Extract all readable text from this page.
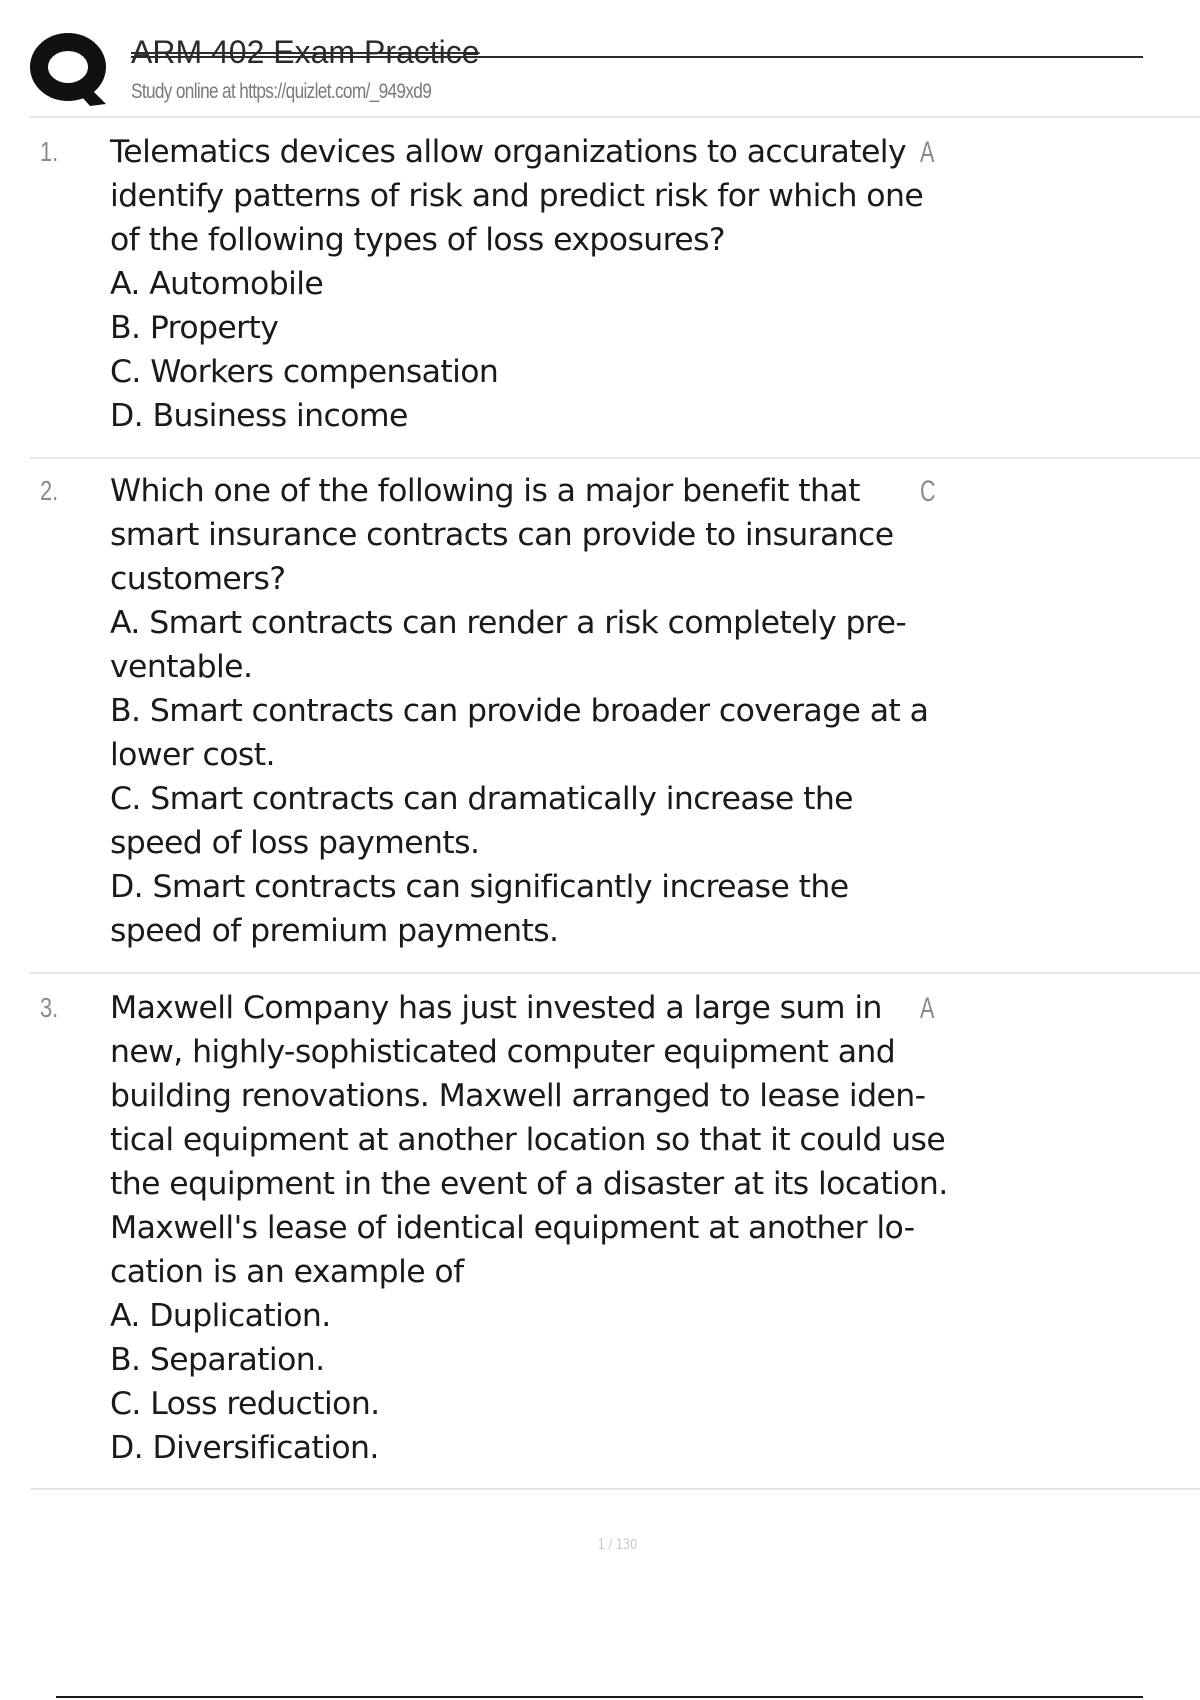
ARM 402 Exam Practice
Study online at https://quizlet.com/_949xd9
1. Telematics devices allow organizations to accurately identify patterns of risk and predict risk for which one of the following types of loss exposures?
A. Automobile
B. Property
C. Workers compensation
D. Business income
A
2. Which one of the following is a major benefit that smart insurance contracts can provide to insurance customers?
A. Smart contracts can render a risk completely pre- ventable.
B. Smart contracts can provide broader coverage at a lower cost.
C. Smart contracts can dramatically increase the speed of loss payments.
D. Smart contracts can significantly increase the speed of premium payments.
C
3. Maxwell Company has just invested a large sum in new, highly-sophisticated computer equipment and building renovations. Maxwell arranged to lease iden- tical equipment at another location so that it could use the equipment in the event of a disaster at its location. Maxwell's lease of identical equipment at another lo- cation is an example of
A. Duplication.
B. Separation.
C. Loss reduction.
D. Diversification.
A
1 / 130
